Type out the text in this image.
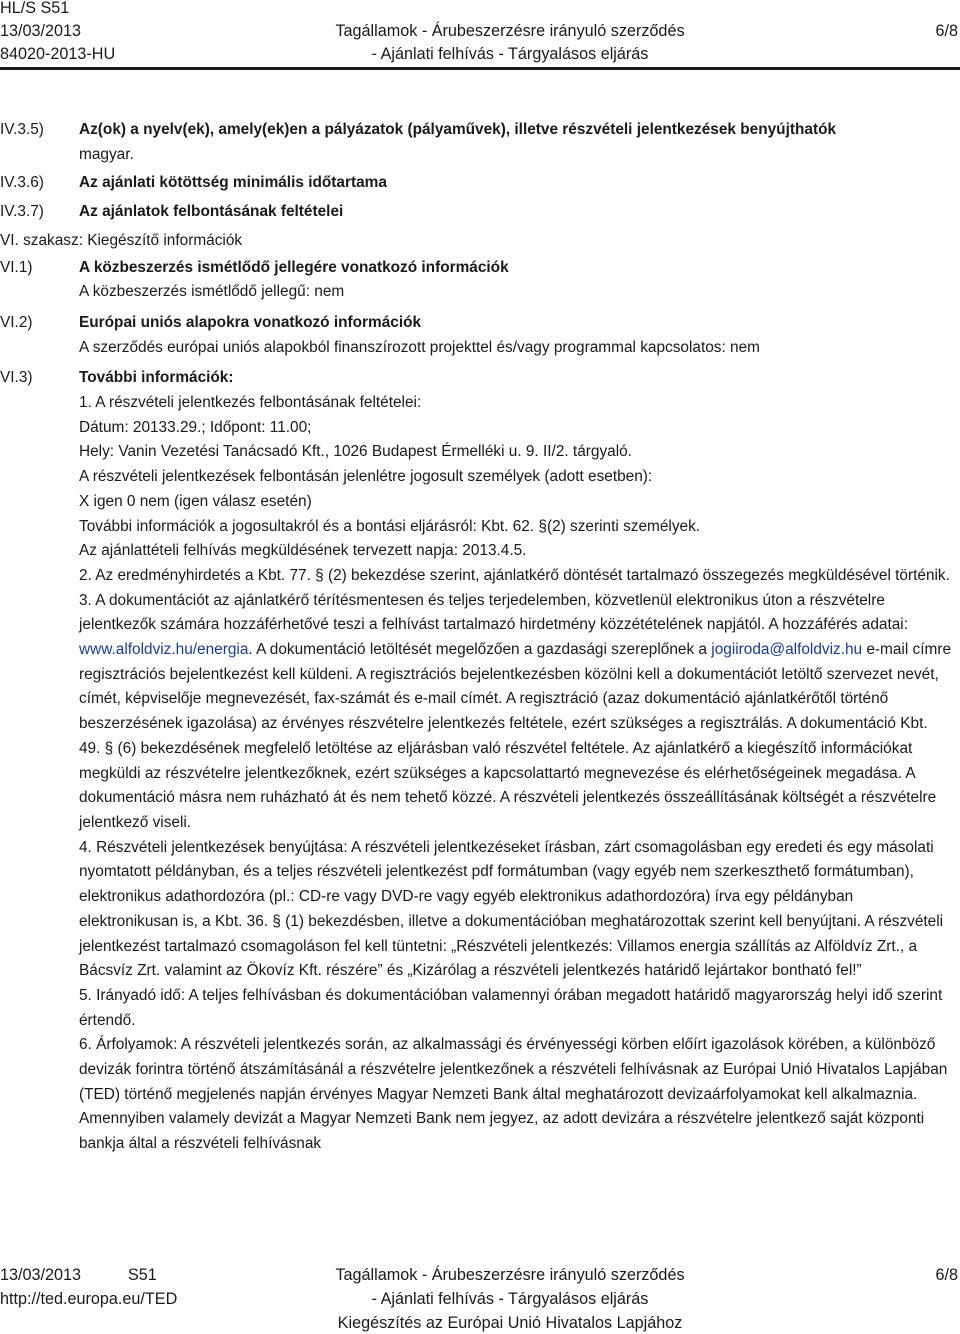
HL/S S51
13/03/2013
84020-2013-HU
Tagállamok - Árubeszerzésre irányuló szerződés
- Ajánlati felhívás - Tárgyalásos eljárás
6/8
IV.3.5) Az(ok) a nyelv(ek), amely(ek)en a pályázatok (pályaművek), illetve részvételi jelentkezések benyújthatók
magyar.
IV.3.6) Az ajánlati kötöttség minimális időtartama
IV.3.7) Az ajánlatok felbontásának feltételei
VI. szakasz: Kiegészítő információk
VI.1)	A közbeszerzés ismétlődő jellegére vonatkozó információk
A közbeszerzés ismétlődő jellegű: nem
VI.2)	Európai uniós alapokra vonatkozó információk
A szerződés európai uniós alapokból finanszírozott projekttel és/vagy programmal kapcsolatos: nem
VI.3)	További információk:
1. A részvételi jelentkezés felbontásának feltételei:
Dátum: 20133.29.; Időpont: 11.00;
Hely: Vanin Vezetési Tanácsadó Kft., 1026 Budapest Érmelléki u. 9. II/2. tárgyaló.
A részvételi jelentkezések felbontásán jelenlétre jogosult személyek (adott esetben):
X igen 0 nem (igen válasz esetén)
További információk a jogosultakról és a bontási eljárásról: Kbt. 62. §(2) szerinti személyek.
Az ajánlattételi felhívás megküldésének tervezett napja: 2013.4.5.
2. Az eredményhirdetés a Kbt. 77. § (2) bekezdése szerint, ajánlatkérő döntését tartalmazó összegezés megküldésével történik.
3. A dokumentációt az ajánlatkérő térítésmentesen és teljes terjedelemben, közvetlenül elektronikus úton a részvételre jelentkezők számára hozzáférhetővé teszi a felhívást tartalmazó hirdetmény közzétételének napjától. A hozzáférés adatai: www.alfoldviz.hu/energia. A dokumentáció letöltését megelőzően a gazdasági szereplőnek a jogiiroda@alfoldviz.hu e-mail címre regisztrációs bejelentkezést kell küldeni. A regisztrációs bejelentkezésben közölni kell a dokumentációt letöltő szervezet nevét, címét, képviselője megnevezését, fax-számát és e-mail címét. A regisztráció (azaz dokumentáció ajánlatkérőtől történő beszerzésének igazolása) az érvényes részvételre jelentkezés feltétele, ezért szükséges a regisztrálás. A dokumentáció Kbt. 49. § (6) bekezdésének megfelelő letöltése az eljárásban való részvétel feltétele. Az ajánlatkérő a kiegészítő információkat megküldi az részvételre jelentkezőknek, ezért szükséges a kapcsolattartó megnevezése és elérhetőségeinek megadása. A dokumentáció másra nem ruházható át és nem tehető közzé. A részvételi jelentkezés összeállításának költségét a részvételre jelentkező viseli.
4. Részvételi jelentkezések benyújtása: A részvételi jelentkezéseket írásban, zárt csomagolásban egy eredeti és egy másolati nyomtatott példányban, és a teljes részvételi jelentkezést pdf formátumban (vagy egyéb nem szerkeszthető formátumban), elektronikus adathordozóra (pl.: CD-re vagy DVD-re vagy egyéb elektronikus adathordozóra) írva egy példányban elektronikusan is, a Kbt. 36. § (1) bekezdésben, illetve a dokumentációban meghatározottak szerint kell benyújtani. A részvételi jelentkezést tartalmazó csomagoláson fel kell tüntetni: „Részvételi jelentkezés: Villamos energia szállítás az Alföldvíz Zrt., a Bácsvíz Zrt. valamint az Ökovíz Kft. részére” és „Kizárólag a részvételi jelentkezés határidő lejártakor bontható fel!”
5. Irányadó idő: A teljes felhívásban és dokumentációban valamennyi órában megadott határidő magyarország helyi idő szerint értendő.
6. Árfolyamok: A részvételi jelentkezés során, az alkalmassági és érvényességi körben előírt igazolások körében, a különböző devizák forintra történő átszámításánál a részvételre jelentkezőnek a részvételi felhívásnak az Európai Unió Hivatalos Lapjában (TED) történő megjelenés napján érvényes Magyar Nemzeti Bank által meghatározott devizaárfolyamokat kell alkalmaznia. Amennyiben valamely devizát a Magyar Nemzeti Bank nem jegyez, az adott devizára a részvételre jelentkező saját központi bankja által a részvételi felhívásnak
13/03/2013	S51
http://ted.europa.eu/TED
Tagállamok - Árubeszerzésre irányuló szerződés
- Ajánlati felhívás - Tárgyalásos eljárás
Kiegészítés az Európai Unió Hivatalos Lapjához
6/8
